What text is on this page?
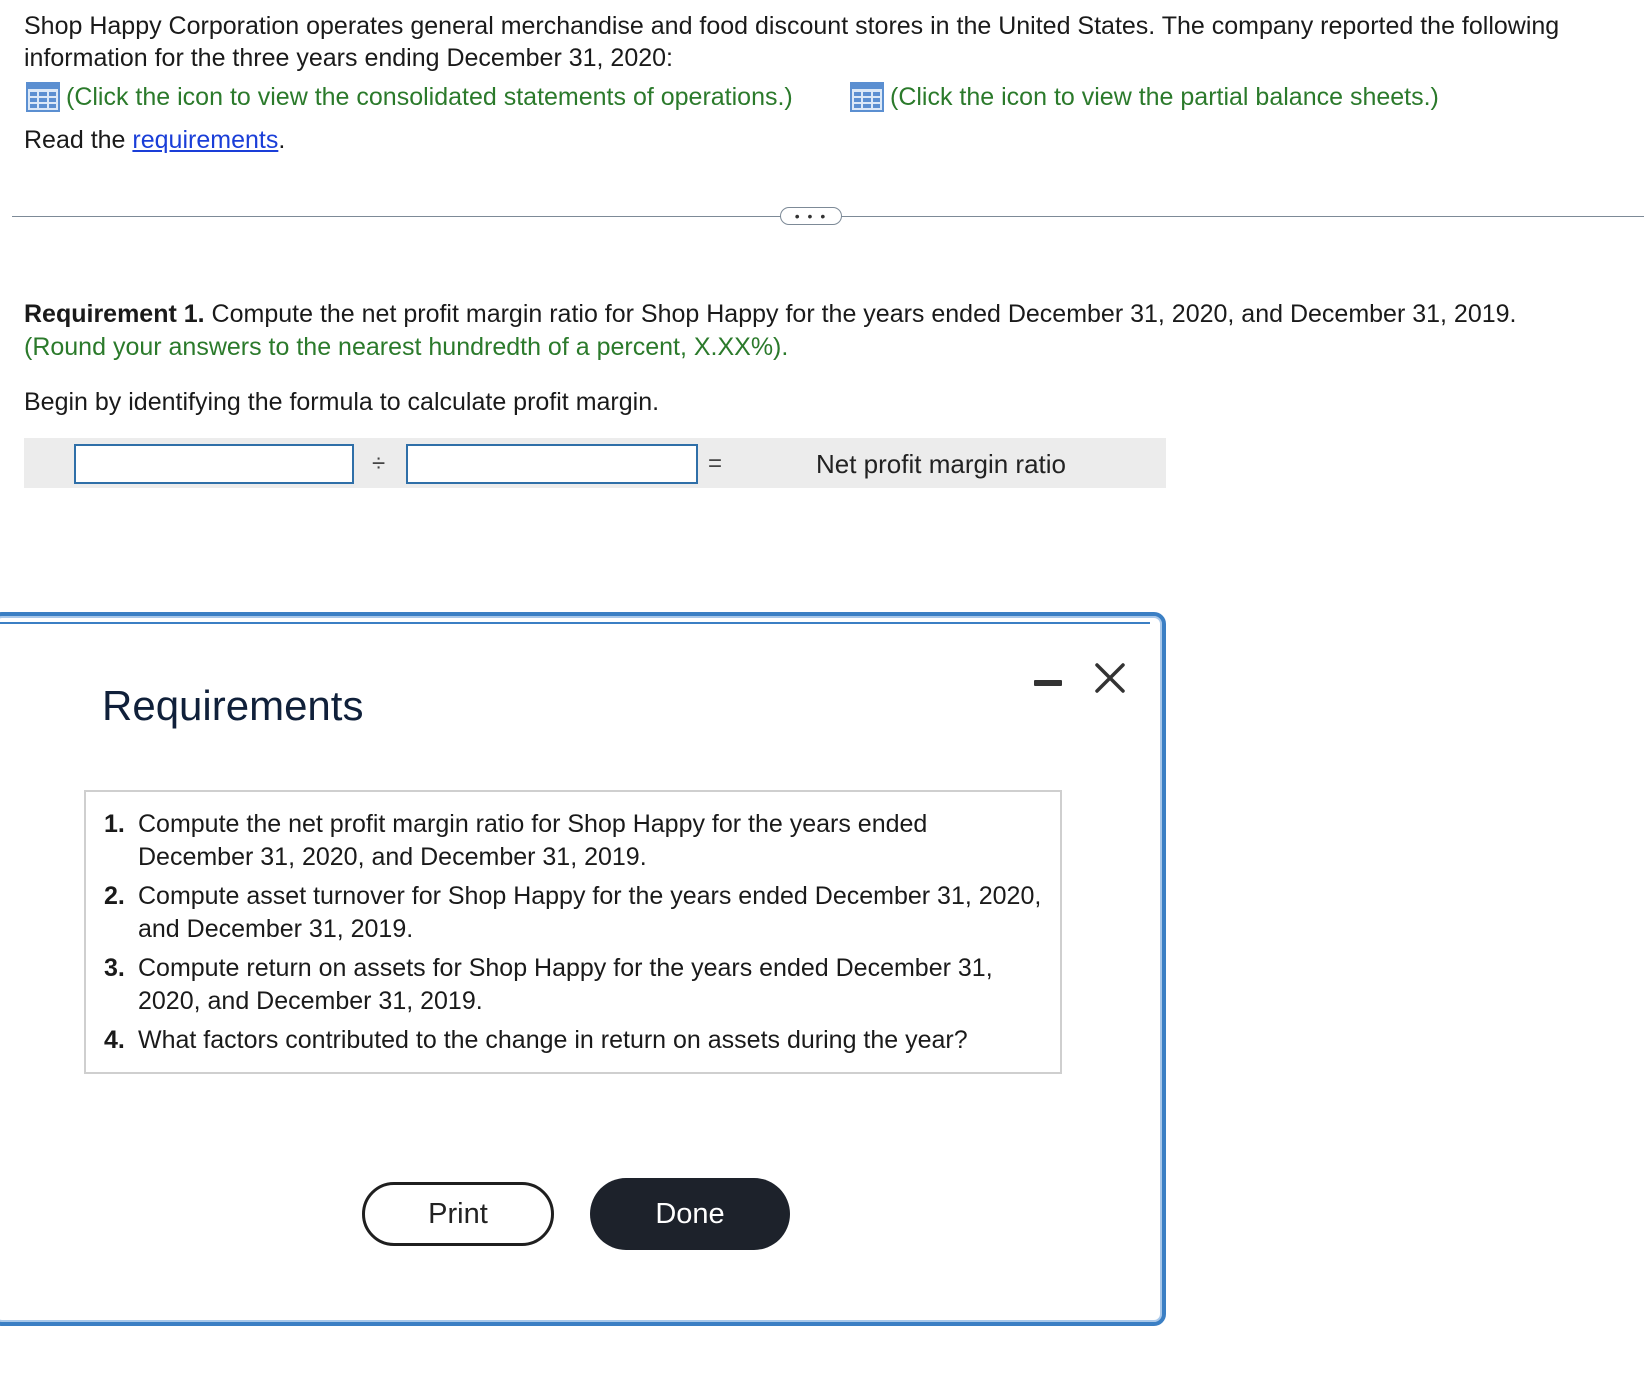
Shop Happy Corporation operates general merchandise and food discount stores in the United States. The company reported the following information for the three years ending December 31, 2020:

(Click the icon to view the consolidated statements of operations.)	(Click the icon to view the partial balance sheets.)

Read the requirements.

• • •

Requirement 1. Compute the net profit margin ratio for Shop Happy for the years ended December 31, 2020, and December 31, 2019.
(Round your answers to the nearest hundredth of a percent, X.XX%).

Begin by identifying the formula to calculate profit margin.

÷	=	Net profit margin ratio
Requirements
1. Compute the net profit margin ratio for Shop Happy for the years ended December 31, 2020, and December 31, 2019.
2. Compute asset turnover for Shop Happy for the years ended December 31, 2020, and December 31, 2019.
3. Compute return on assets for Shop Happy for the years ended December 31, 2020, and December 31, 2019.
4. What factors contributed to the change in return on assets during the year?
Print	Done
